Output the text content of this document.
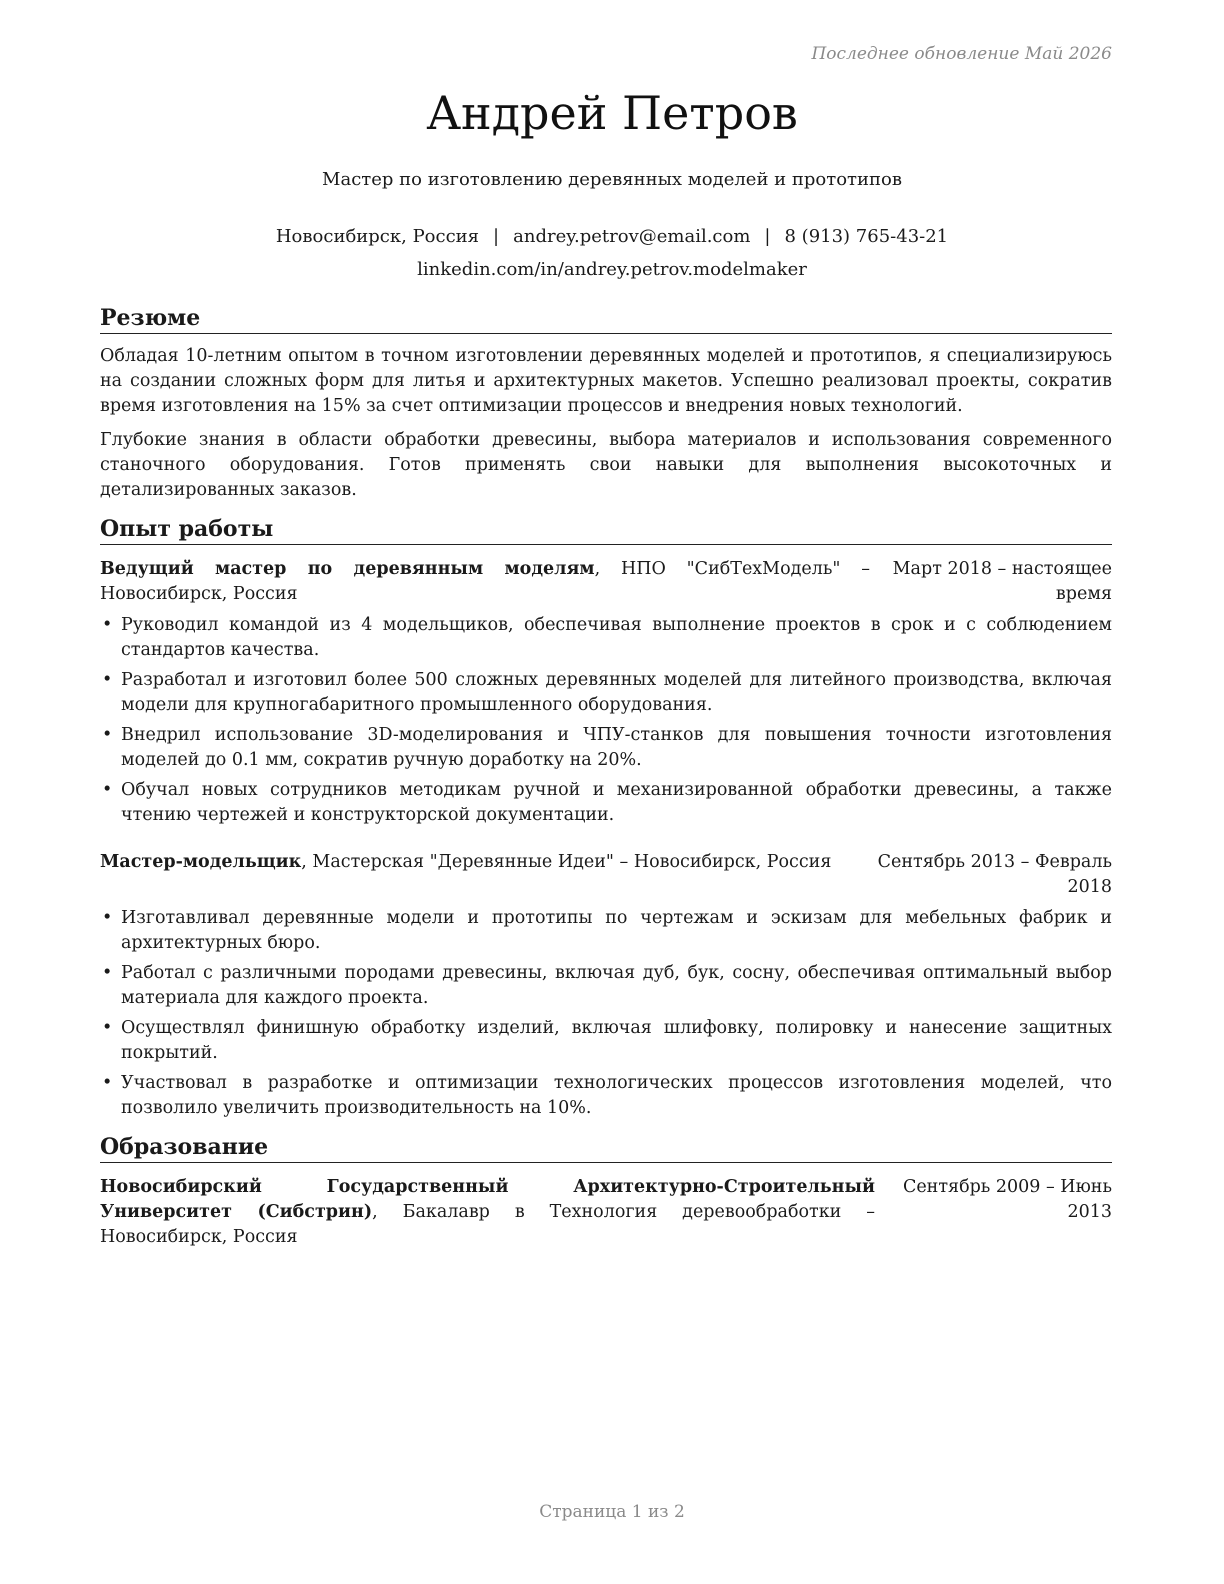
Последнее обновление Май 2026
Андрей Петров
Мастер по изготовлению деревянных моделей и прототипов
Новосибирск, Россия | andrey.petrov@email.com | 8 (913) 765-43-21
linkedin.com/in/andrey.petrov.modelmaker
Резюме

Обладая 10-летним опытом в точном изготовлении деревянных моделей и прототипов, я специализируюсь на создании сложных форм для литья и архитектурных макетов. Успешно реализовал проекты, сократив время изготовления на 15% за счет оптимизации процессов и внедрения новых технологий.

Глубокие знания в области обработки древесины, выбора материалов и использования современного станочного оборудования. Готов применять свои навыки для выполнения высокоточных и детализированных заказов.

Опыт работы
Ведущий мастер по деревянным моделям, НПО "СибТехМодель" – Новосибирск, Россия
Март 2018 – настоящее время
• Руководил командой из 4 модельщиков, обеспечивая выполнение проектов в срок и с соблюдением стандартов качества.
• Разработал и изготовил более 500 сложных деревянных моделей для литейного производства, включая модели для крупногабаритного промышленного оборудования.
• Внедрил использование 3D-моделирования и ЧПУ-станков для повышения точности изготовления моделей до 0.1 мм, сократив ручную доработку на 20%.
• Обучал новых сотрудников методикам ручной и механизированной обработки древесины, а также чтению чертежей и конструкторской документации.
Мастер-модельщик, Мастерская "Деревянные Идеи" – Новосибирск, Россия	Сентябрь 2013 – Февраль 2018
• Изготавливал деревянные модели и прототипы по чертежам и эскизам для мебельных фабрик и архитектурных бюро.
• Работал с различными породами древесины, включая дуб, бук, сосну, обеспечивая оптимальный выбор материала для каждого проекта.
• Осуществлял финишную обработку изделий, включая шлифовку, полировку и нанесение защитных покрытий.
• Участвовал в разработке и оптимизации технологических процессов изготовления моделей, что позволило увеличить производительность на 10%.
Образование
Новосибирский Государственный Архитектурно-Строительный Университет (Сибстрин), Бакалавр в Технология деревообработки – Новосибирск, Россия
Сентябрь 2009 – Июнь 2013
Страница 1 из 2
